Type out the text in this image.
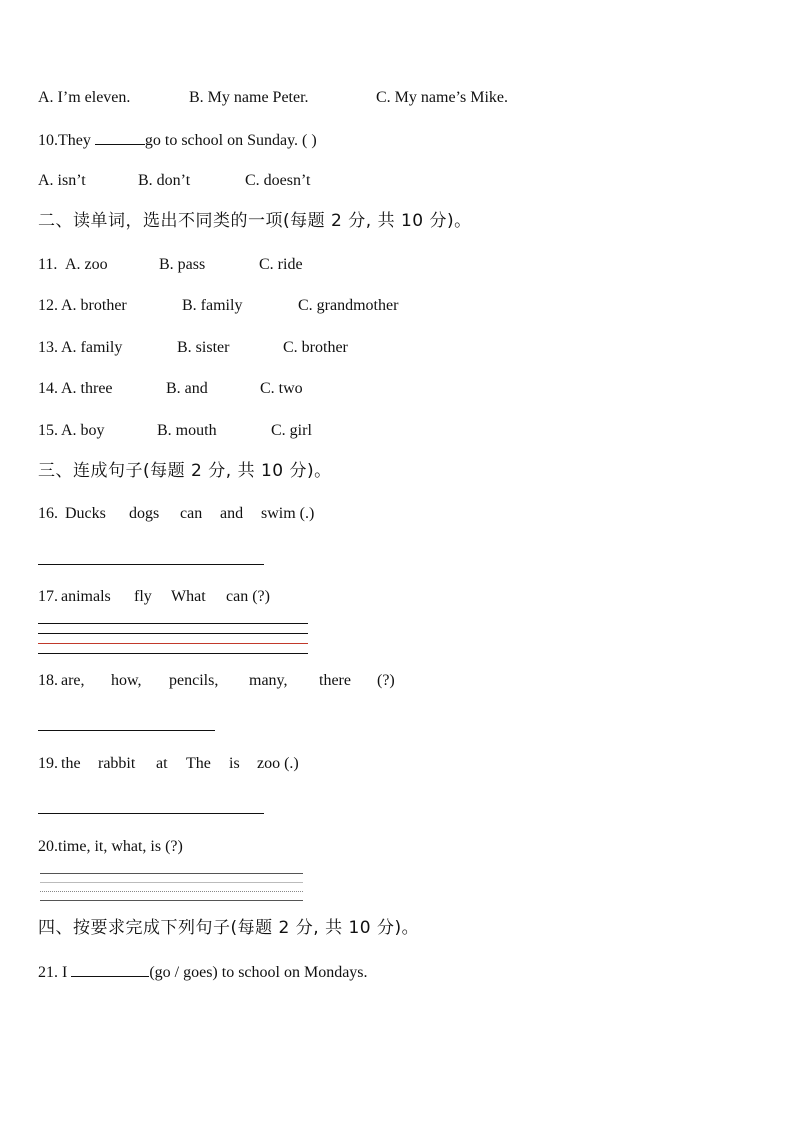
A. I’m eleven.	B. My name Peter.	C. My name’s Mike.
10.They	go to school on Sunday. ( )
A. isn’t	B. don’t	C. doesn’t
二、读单词，选出不同类的一项(每题 2 分, 共 10 分)。
11. A. zoo	B. pass	C. ride
12. A. brother	B. family	C. grandmother
13. A. family	B. sister	C. brother
14. A. three	B. and	C. two
15. A. boy	B. mouth	C. girl
三、连成句子(每题 2 分, 共 10 分)。
16. Ducks dogs can and swim (.)
17. animals fly What can (?)
18. are, how, pencils, many, there (?)
19. the rabbit at The is zoo (.)
20.time, it, what, is (?)
四、按要求完成下列句子(每题 2 分, 共 10 分)。
21. I	(go / goes) to school on Mondays.
